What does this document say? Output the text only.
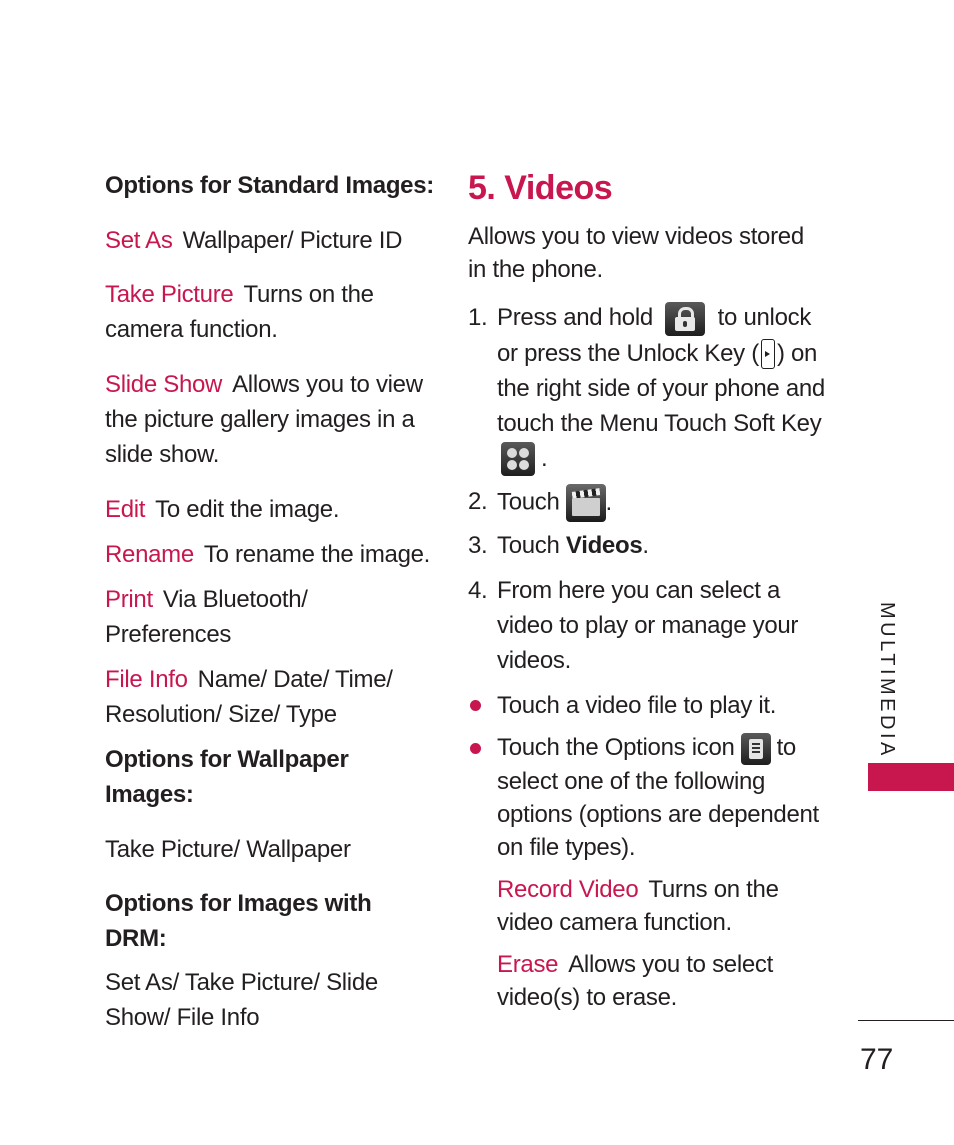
Options for Standard Images:

Set As Wallpaper/ Picture ID

Take Picture Turns on the camera function.

Slide Show Allows you to view the picture gallery images in a slide show.

Edit To edit the image.

Rename To rename the image.

Print Via Bluetooth/ Preferences

File Info Name/ Date/ Time/ Resolution/ Size/ Type

Options for Wallpaper Images:

Take Picture/ Wallpaper

Options for Images with DRM:

Set As/ Take Picture/ Slide Show/ File Info

5. Videos

Allows you to view videos stored in the phone.

1. Press and hold	to unlock or press the Unlock Key ( ) on the right side of your phone and touch the Menu Touch Soft Key
.
2. Touch .
3. Touch Videos.
4. From here you can select a video to play or manage your videos.
Touch a video file to play it.
Touch the Options icon to select one of the following options (options are dependent on file types).

Record Video Turns on the video camera function.

Erase Allows you to select video(s) to erase.

MULTIMEDIA
77
